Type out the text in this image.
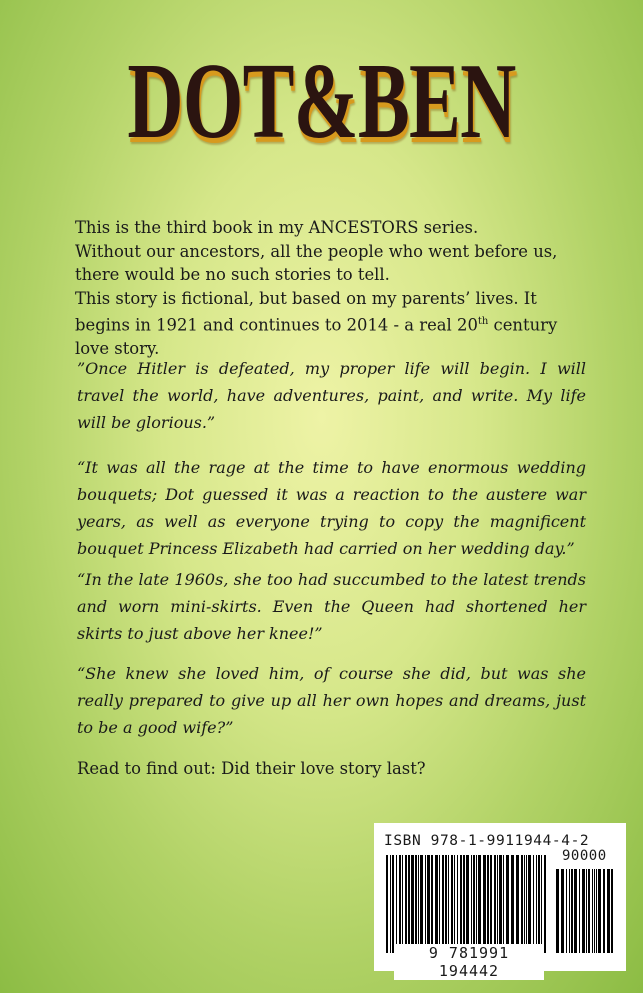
DOT&BEN

This is the third book in my ANCESTORS series.

Without our ancestors, all the people who went before us, there would be no such stories to tell.

This story is fictional, but based on my parents’ lives. It begins in 1921 and continues to 2014 - a real 20th century love story.

”Once Hitler is defeated, my proper life will begin. I will travel the world, have adventures, paint, and write. My life will be glorious.”
“It was all the rage at the time to have enormous wedding bouquets; Dot guessed it was a reaction to the austere war years, as well as everyone trying to copy the magnificent bouquet Princess Elizabeth had carried on her wedding day.”
“In the late 1960s, she too had succumbed to the latest trends and worn mini-skirts. Even the Queen had shortened her skirts to just above her knee!”
“She knew she loved him, of course she did, but was she really prepared to give up all her own hopes and dreams, just to be a good wife?”
Read to find out: Did their love story last?
ISBN 978-1-9911944-4-2
90000
9 781991 194442
